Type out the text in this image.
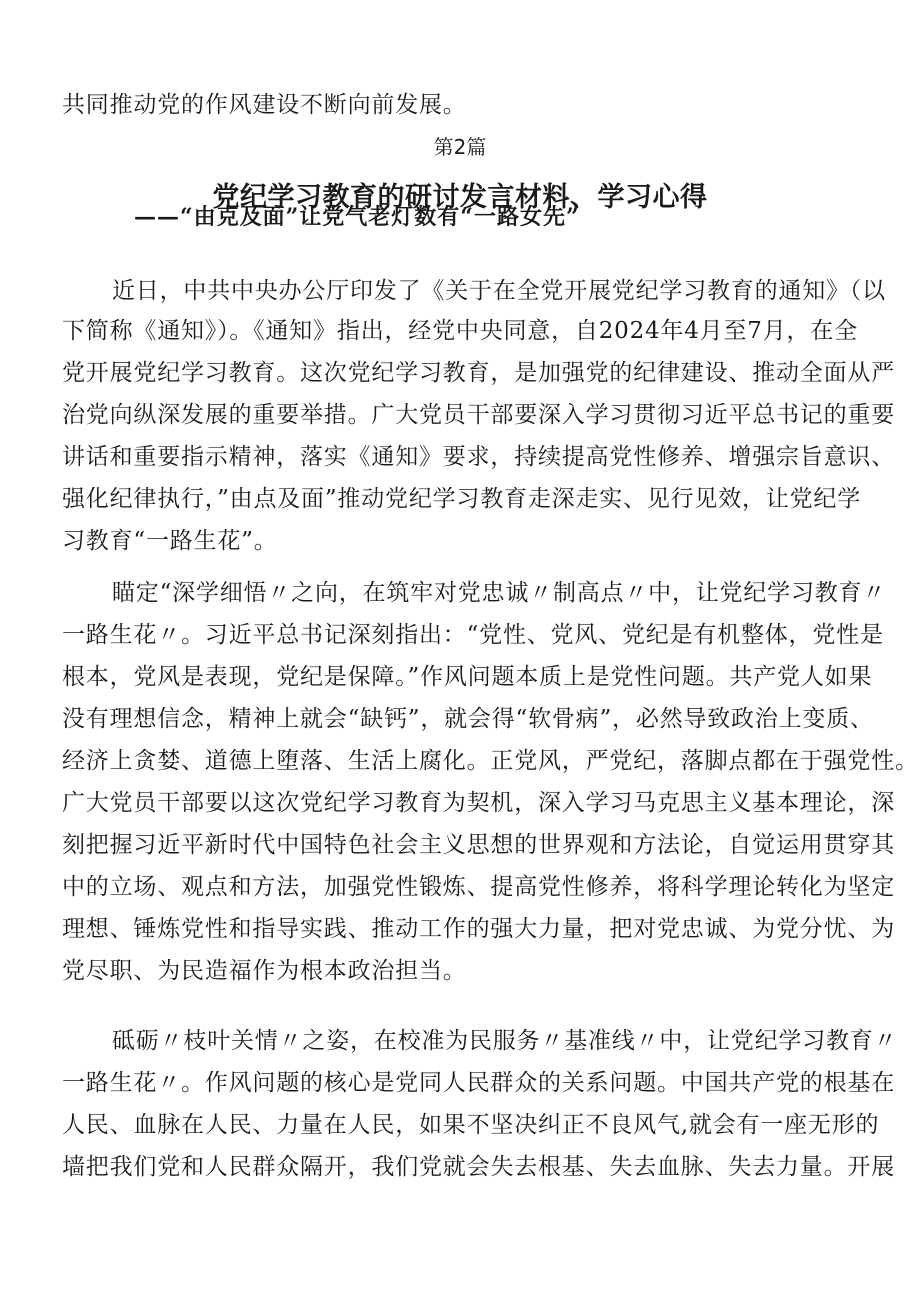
共同推动党的作风建设不断向前发展。
第2篇
党纪学习教育的研讨发言材料、学习心得
——“由克及面”让党气老灯数有“一路女先”
近日，中共中央办公厅印发了《关于在全党开展党纪学习教育的通知》（以
下简称《通知》）。《通知》指出，经党中央同意，自2024年4月至7月，在全
党开展党纪学习教育。这次党纪学习教育，是加强党的纪律建设、推动全面从严
治党向纵深发展的重要举措。广大党员干部要深入学习贯彻习近平总书记的重要
讲话和重要指示精神，落实《通知》要求，持续提高党性修养、增强宗旨意识、
强化纪律执行，”由点及面”推动党纪学习教育走深走实、见行见效，让党纪学
习教育“一路生花”。
瞄定“深学细悟〃之向，在筑牢对党忠诚〃制高点〃中，让党纪学习教育〃
一路生花〃。习近平总书记深刻指出：“党性、党风、党纪是有机整体，党性是
根本，党风是表现，党纪是保障。”作风问题本质上是党性问题。共产党人如果
没有理想信念，精神上就会“缺钙”，就会得“软骨病”，必然导致政治上变质、
经济上贪婪、道德上堕落、生活上腐化。正党风，严党纪，落脚点都在于强党性。
广大党员干部要以这次党纪学习教育为契机，深入学习马克思主义基本理论，深
刻把握习近平新时代中国特色社会主义思想的世界观和方法论，自觉运用贯穿其
中的立场、观点和方法，加强党性锻炼、提高党性修养，将科学理论转化为坚定
理想、锤炼党性和指导实践、推动工作的强大力量，把对党忠诚、为党分忧、为
党尽职、为民造福作为根本政治担当。
砥砺〃枝叶关情〃之姿，在校准为民服务〃基准线〃中，让党纪学习教育〃
一路生花〃。作风问题的核心是党同人民群众的关系问题。中国共产党的根基在
人民、血脉在人民、力量在人民，如果不坚决纠正不良风气,就会有一座无形的
墙把我们党和人民群众隔开，我们党就会失去根基、失去血脉、失去力量。开展
